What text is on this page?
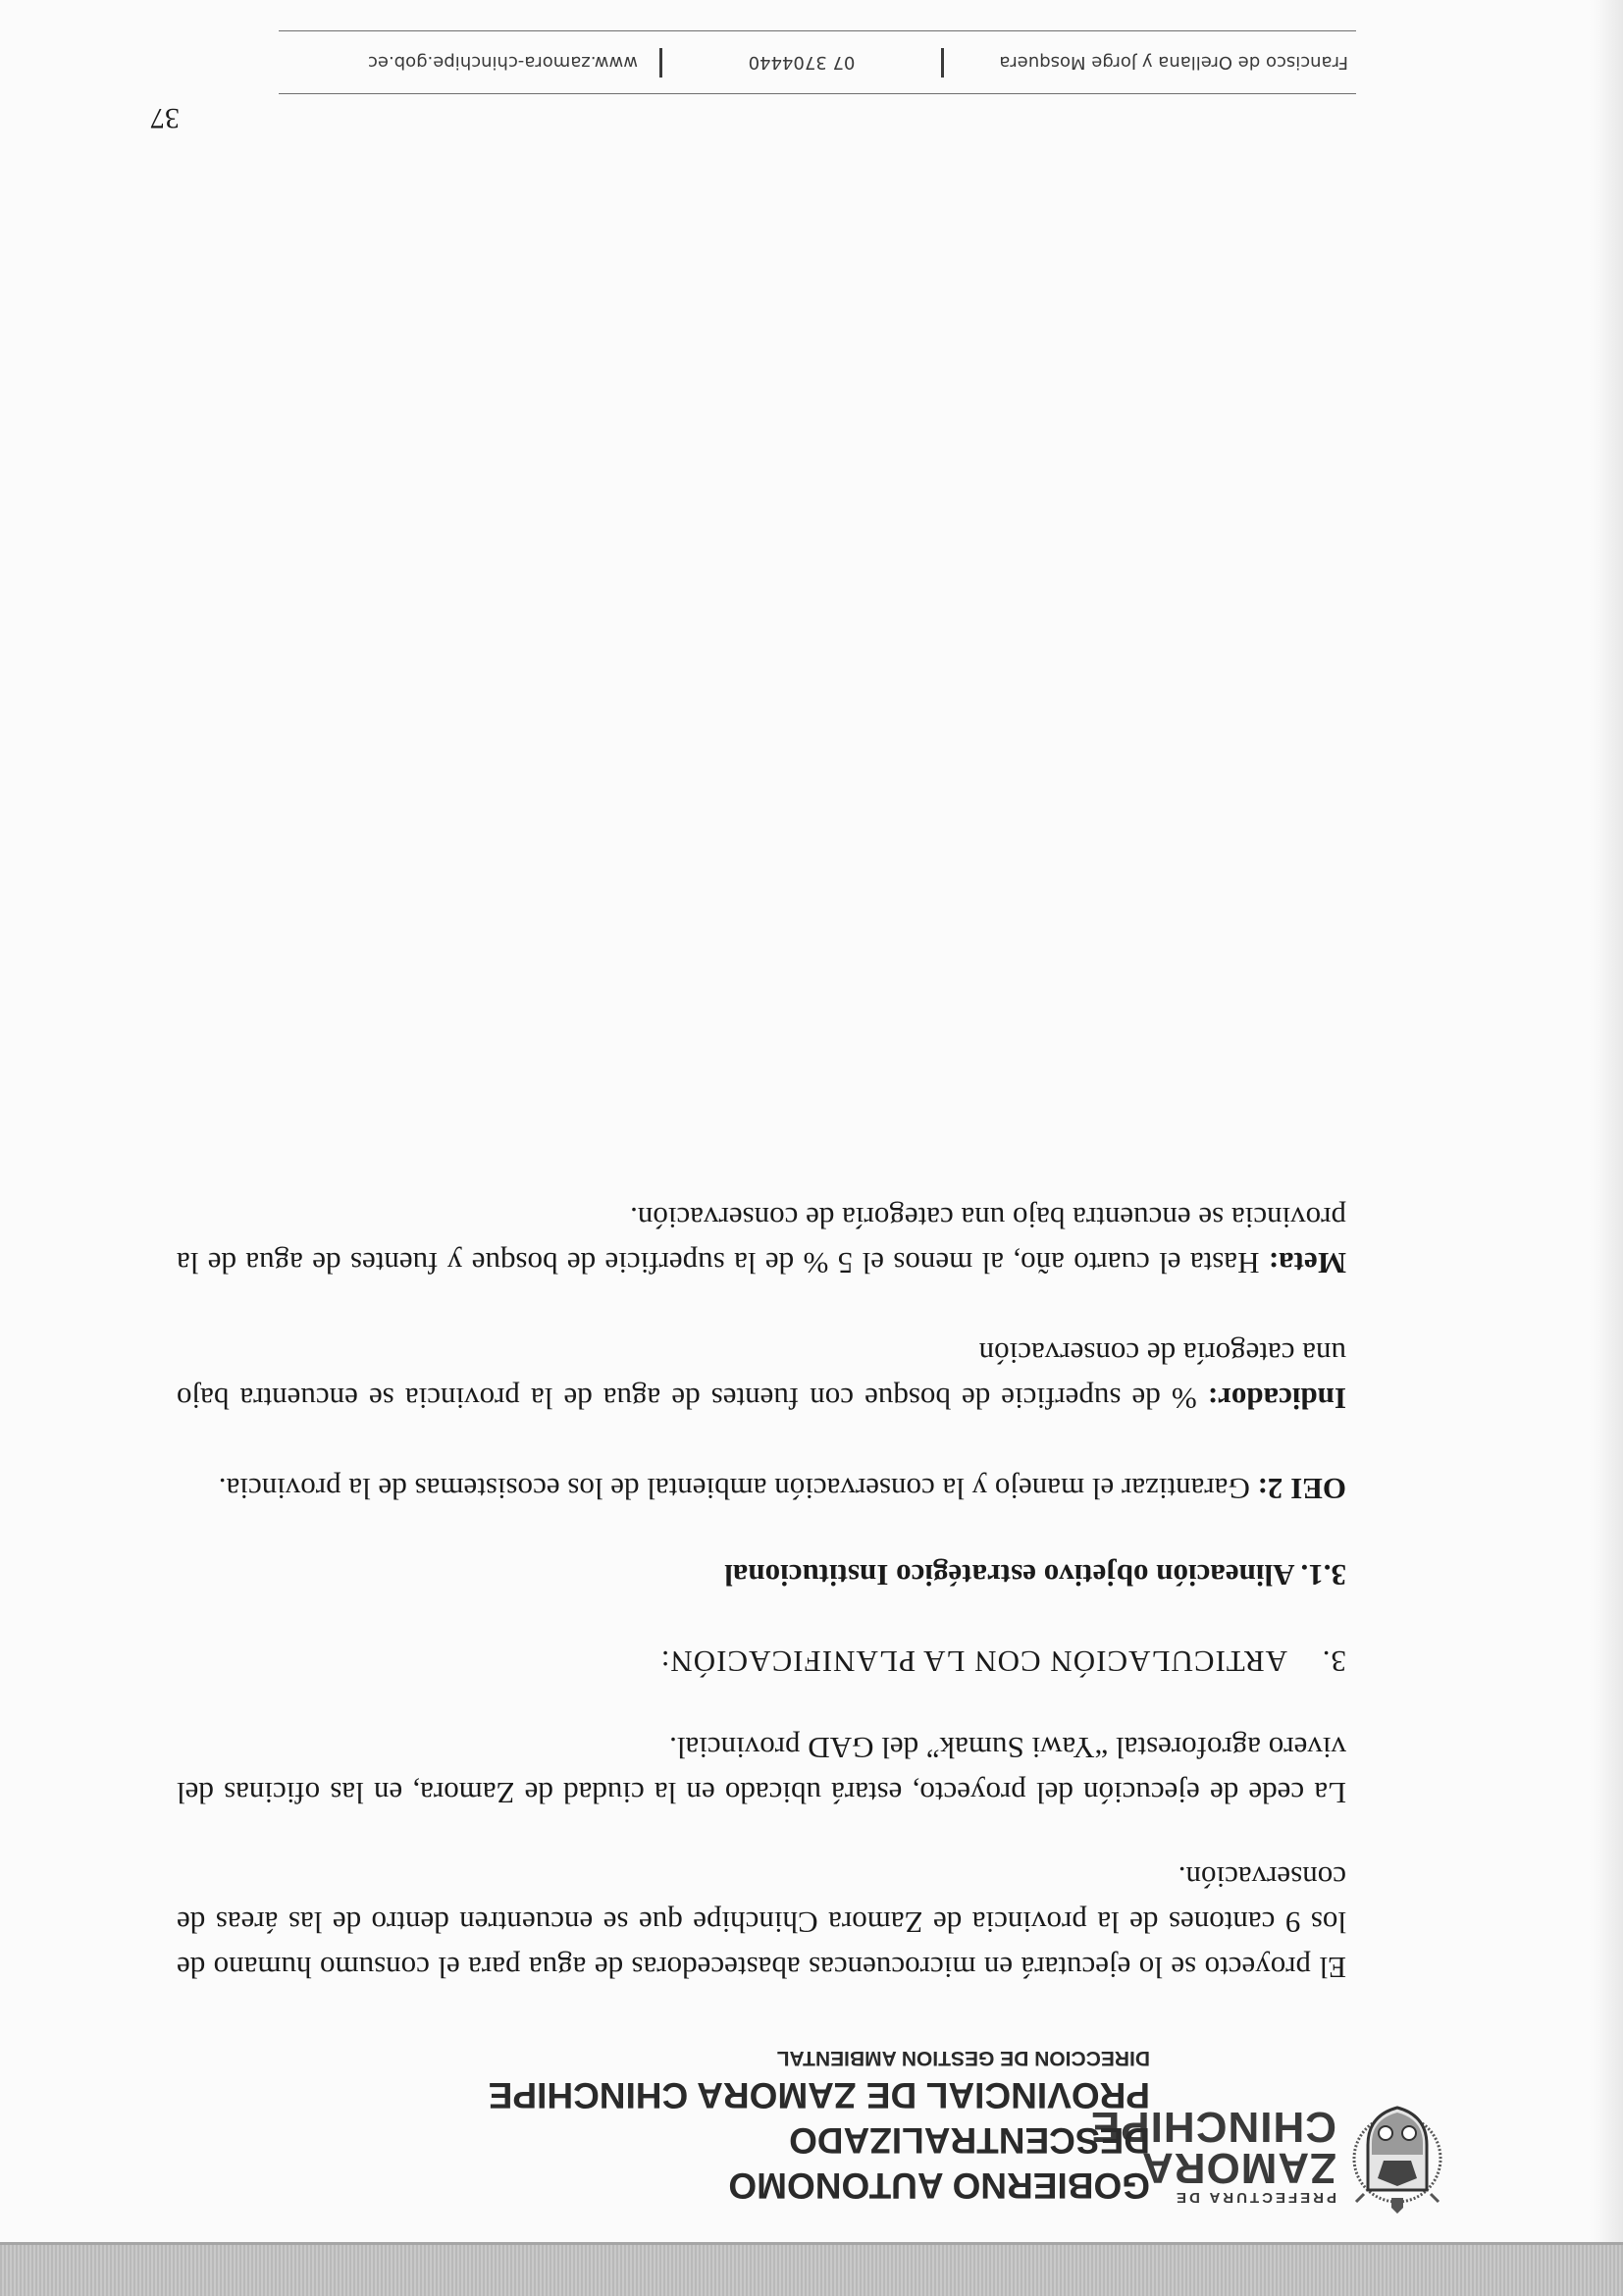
PREFECTURA DE
ZAMORA
CHINCHIPE
GOBIERNO AUTONOMO DESCENTRALIZADO
PROVINCIAL DE ZAMORA CHINCHIPE
DIRECCION DE GESTION AMBIENTAL

El proyecto se lo ejecutará en microcuencas abastecedoras de agua para el consumo humano de los 9 cantones de la provincia de Zamora Chinchipe que se encuentren dentro de las áreas de conservación.

La cede de ejecución del proyecto, estará ubicado en la ciudad de Zamora, en las oficinas del vivero agroforestal “Yawi Sumak” del GAD provincial.

3.ARTICULACIÓN CON LA PLANIFICACIÓN:
3.1. Alineación objetivo estratégico Institucional

OEI 2: Garantizar el manejo y la conservación ambiental de los ecosistemas de la provincia.

Indicador: % de superficie de bosque con fuentes de agua de la provincia se encuentra bajo una categoría de conservación

Meta: Hasta el cuarto año, al menos el 5 % de la superficie de bosque y fuentes de agua de la provincia se encuentra bajo una categoría de conservación.

37
Francisco de Orellana y Jorge Mosquera
07 3704440
www.zamora-chinchipe.gob.ec
